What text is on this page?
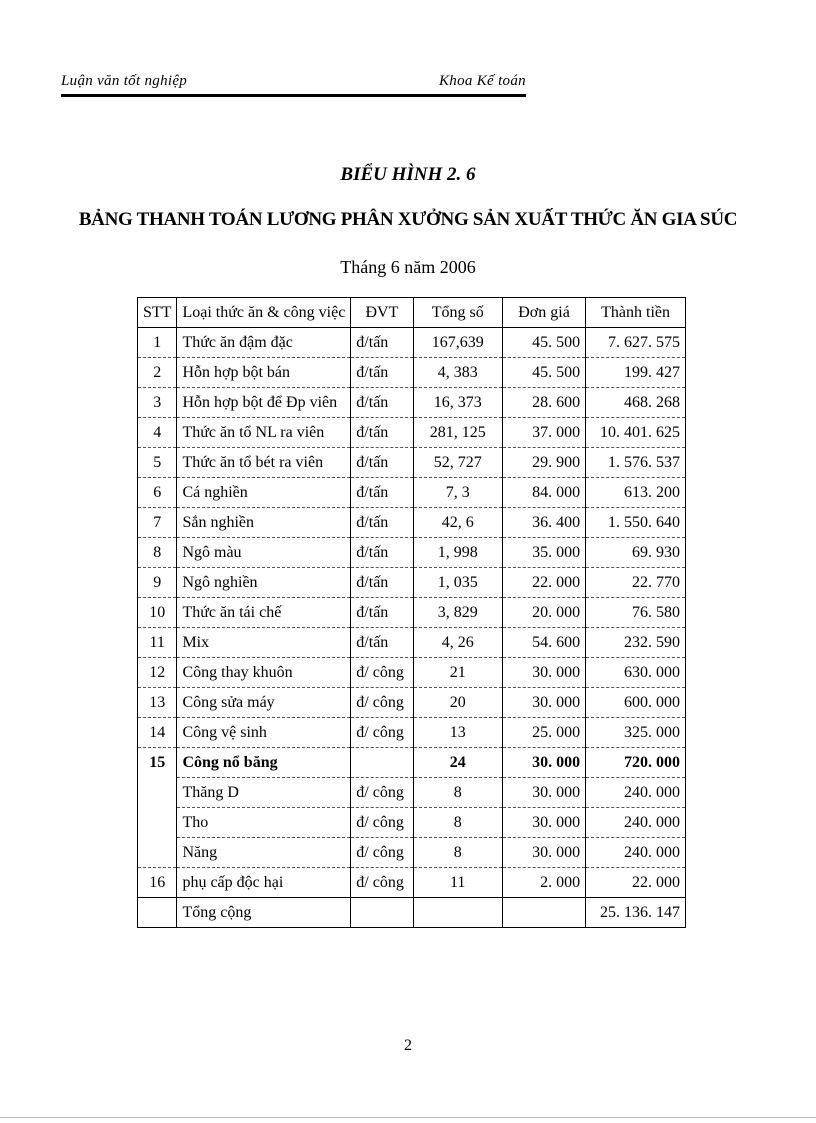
Luận văn tốt nghiệp	Khoa Kế toán
BIỂU HÌNH 2. 6
BẢNG THANH TOÁN LƯƠNG PHÂN XƯỞNG SẢN XUẤT THỨC ĂN GIA SÚC
Tháng 6 năm 2006
STT	Loại thức ăn & công việc	ĐVT	Tổng số	Đơn giá	Thành tiền
1	Thức ăn đậm đặc	đ/tấn	167,639	45. 500	7. 627. 575
2	Hỗn hợp bột bán	đ/tấn	4, 383	45. 500	199. 427
3	Hỗn hợp bột để Đp viên	đ/tấn	16, 373	28. 600	468. 268
4	Thức ăn tổ NL ra viên	đ/tấn	281, 125	37. 000	10. 401. 625
5	Thức ăn tổ bét ra viên	đ/tấn	52, 727	29. 900	1. 576. 537
6	Cá nghiền	đ/tấn	7, 3	84. 000	613. 200
7	Sắn nghiền	đ/tấn	42, 6	36. 400	1. 550. 640
8	Ngô màu	đ/tấn	1, 998	35. 000	69. 930
9	Ngô nghiền	đ/tấn	1, 035	22. 000	22. 770
10	Thức ăn tái chế	đ/tấn	3, 829	20. 000	76. 580
11	Mix	đ/tấn	4, 26	54. 600	232. 590
12	Công thay khuôn	đ/ công	21	30. 000	630. 000
13	Công sửa máy	đ/ công	20	30. 000	600. 000
14	Công vệ sinh	đ/ công	13	25. 000	325. 000
15	Công nổ băng		24	30. 000	720. 000
	Thăng D	đ/ công	8	30. 000	240. 000
	Tho	đ/ công	8	30. 000	240. 000
	Năng	đ/ công	8	30. 000	240. 000
16	phụ cấp độc hại	đ/ công	11	2. 000	22. 000
	Tổng cộng				25. 136. 147
2
